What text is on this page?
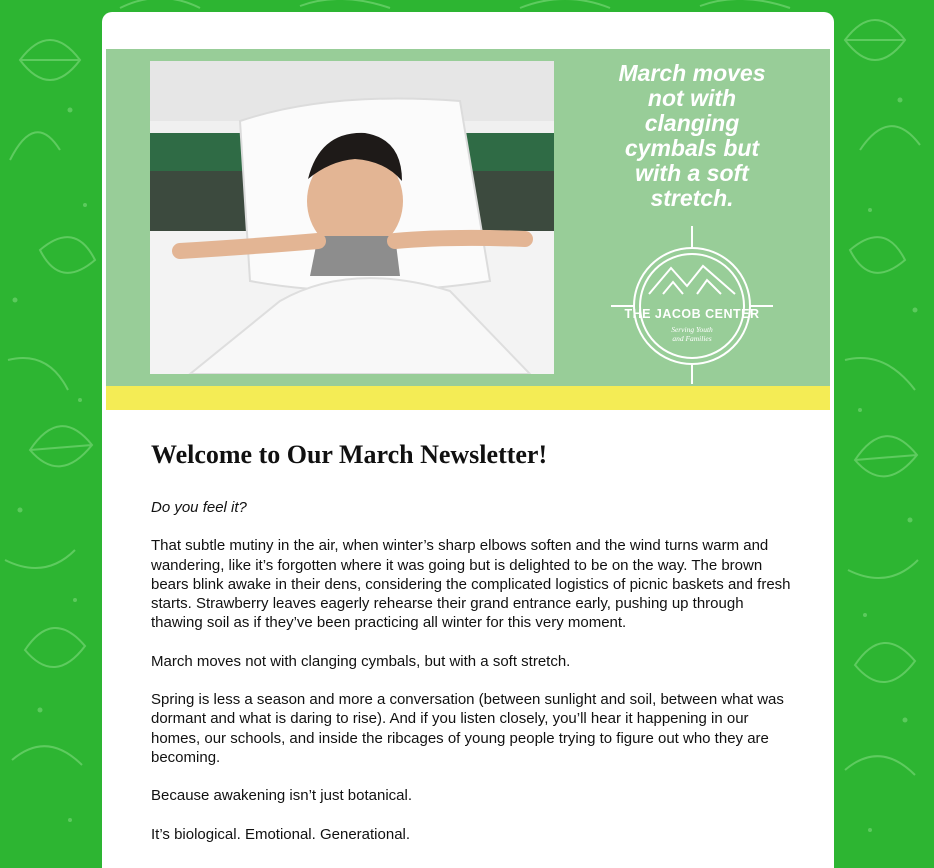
March moves not with clanging cymbals but with a soft stretch.
THE JACOB CENTER
Serving Youth
and Families
Welcome to Our March Newsletter!

Do you feel it?

That subtle mutiny in the air, when winter’s sharp elbows soften and the wind turns warm and wandering, like it’s forgotten where it was going but is delighted to be on the way. The brown bears blink awake in their dens, considering the complicated logistics of picnic baskets and fresh starts. Strawberry leaves eagerly rehearse their grand entrance early, pushing up through thawing soil as if they’ve been practicing all winter for this very moment.

March moves not with clanging cymbals, but with a soft stretch.

Spring is less a season and more a conversation (between sunlight and soil, between what was dormant and what is daring to rise). And if you listen closely, you’ll hear it happening in our homes, our schools, and inside the ribcages of young people trying to figure out who they are becoming.

Because awakening isn’t just botanical.

It’s biological. Emotional. Generational.
